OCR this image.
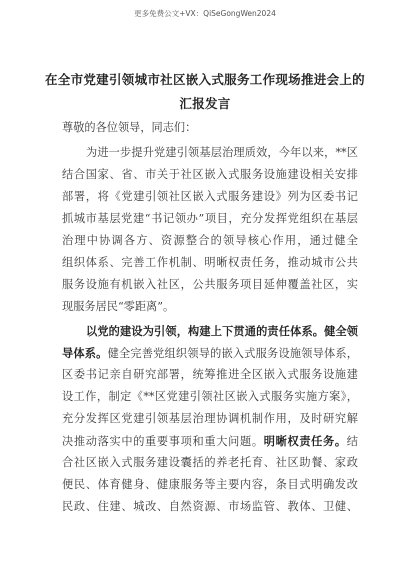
更多免费公文+VX：QiSeGongWen2024
在全市党建引领城市社区嵌入式服务工作现场推进会上的
汇报发言
尊敬的各位领导，同志们：
为进一步提升党建引领基层治理质效，今年以来，**区
结合国家、省、市关于社区嵌入式服务设施建设相关安排
部署，将《党建引领社区嵌入式服务建设》列为区委书记
抓城市基层党建“书记领办”项目，充分发挥党组织在基层
治理中协调各方、资源整合的领导核心作用，通过健全
组织体系、完善工作机制、明晰权责任务，推动城市公共
服务设施有机嵌入社区，公共服务项目延伸覆盖社区，实
现服务居民“零距离”。
以党的建设为引领，构建上下贯通的责任体系。健全领
导体系。健全完善党组织领导的嵌入式服务设施领导体系，
区委书记亲自研究部署，统筹推进全区嵌入式服务设施建
设工作，制定《**区党建引领社区嵌入式服务实施方案》，
充分发挥区党建引领基层治理协调机制作用，及时研究解
决推动落实中的重要事项和重大问题。明晰权责任务。结
合社区嵌入式服务建设囊括的养老托育、社区助餐、家政
便民、体育健身、健康服务等主要内容，条目式明确发改
民政、住建、城改、自然资源、市场监管、教体、卫健、
